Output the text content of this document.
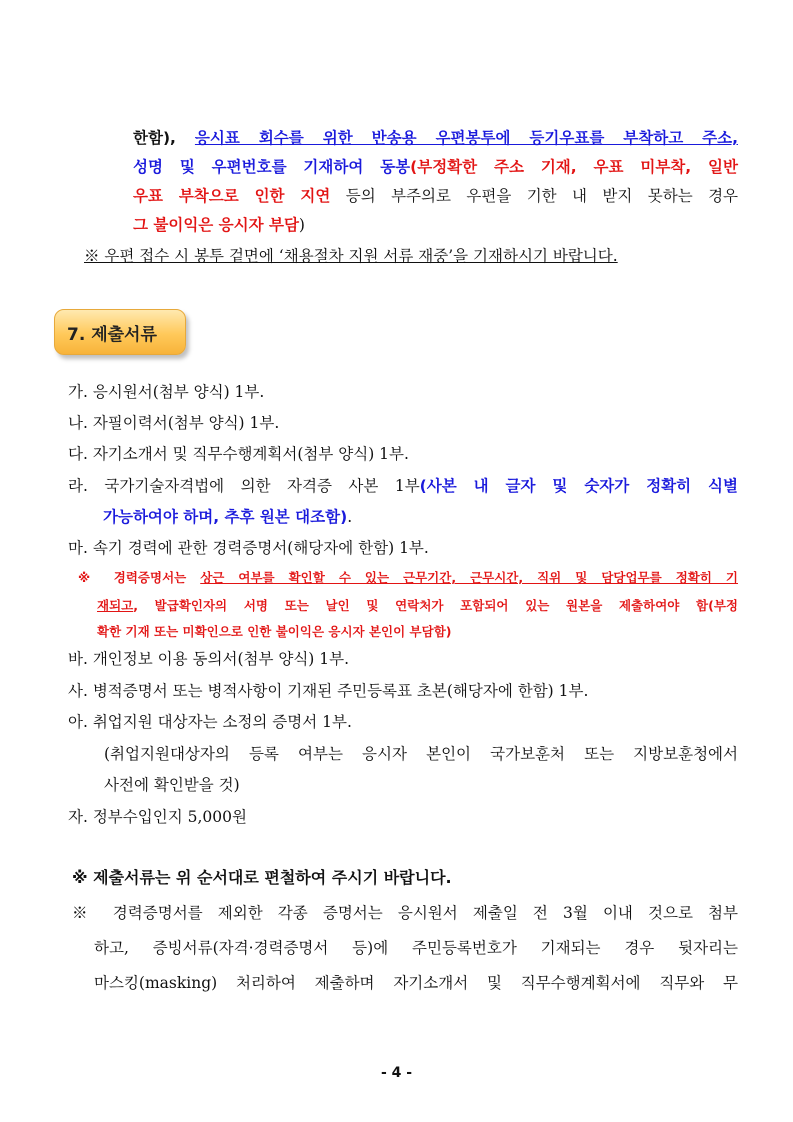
한함), 응시표 회수를 위한 반송용 우편봉투에 등기우표를 부착하고 주소,
성명 및 우편번호를 기재하여 동봉(부정확한 주소 기재, 우표 미부착, 일반
우표 부착으로 인한 지연 등의 부주의로 우편을 기한 내 받지 못하는 경우
그 불이익은 응시자 부담)
※ 우편 접수 시 봉투 겉면에 ‘채용절차 지원 서류 재중’을 기재하시기 바랍니다.
7. 제출서류
가. 응시원서(첨부 양식) 1부.
나. 자필이력서(첨부 양식) 1부.
다. 자기소개서 및 직무수행계획서(첨부 양식) 1부.
라. 국가기술자격법에 의한 자격증 사본 1부(사본 내 글자 및 숫자가 정확히 식별
가능하여야 하며, 추후 원본 대조함).
마. 속기 경력에 관한 경력증명서(해당자에 한함) 1부.
※ 경력증명서는 상근 여부를 확인할 수 있는 근무기간, 근무시간, 직위 및 담당업무를 정확히 기
재되고, 발급확인자의 서명 또는 날인 및 연락처가 포함되어 있는 원본을 제출하여야 함(부정
확한 기재 또는 미확인으로 인한 불이익은 응시자 본인이 부담함)
바. 개인정보 이용 동의서(첨부 양식) 1부.
사. 병적증명서 또는 병적사항이 기재된 주민등록표 초본(해당자에 한함) 1부.
아. 취업지원 대상자는 소정의 증명서 1부.
(취업지원대상자의 등록 여부는 응시자 본인이 국가보훈처 또는 지방보훈청에서
사전에 확인받을 것)
자. 정부수입인지 5,000원
※ 제출서류는 위 순서대로 편철하여 주시기 바랍니다.
※ 경력증명서를 제외한 각종 증명서는 응시원서 제출일 전 3월 이내 것으로 첨부
하고, 증빙서류(자격·경력증명서 등)에 주민등록번호가 기재되는 경우 뒷자리는
마스킹(masking) 처리하여 제출하며 자기소개서 및 직무수행계획서에 직무와 무
- 4 -
